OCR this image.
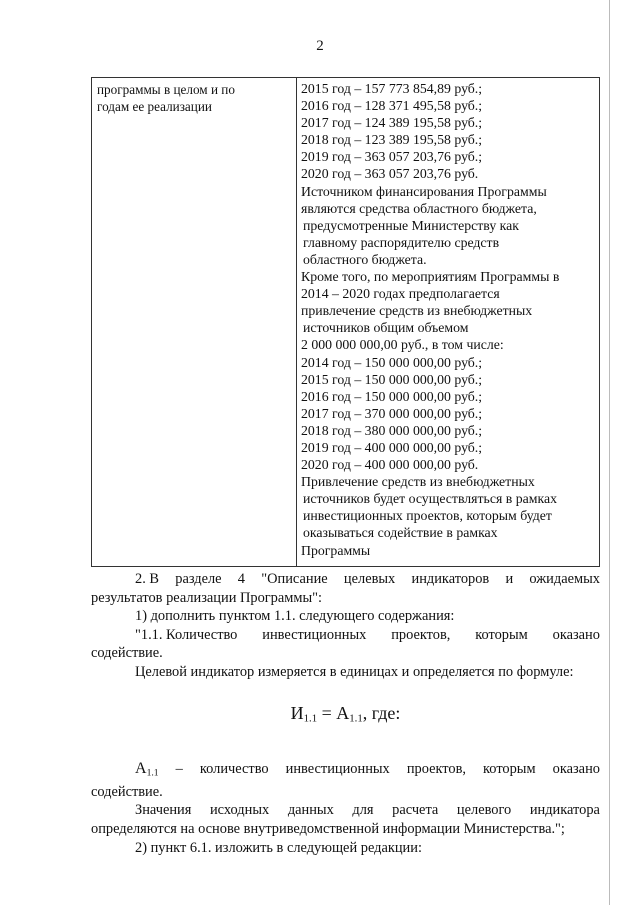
2
программы в целом и по
годам ее реализации
2015 год – 157 773 854,89 руб.;
2016 год – 128 371 495,58 руб.;
2017 год – 124 389 195,58 руб.;
2018 год – 123 389 195,58 руб.;
2019 год – 363 057 203,76 руб.;
2020 год – 363 057 203,76 руб.
Источником финансирования Программы
являются средства областного бюджета,
предусмотренные Министерству как
главному распорядителю средств
областного бюджета.
Кроме того, по мероприятиям Программы в
2014 – 2020 годах предполагается
привлечение средств из внебюджетных
источников общим объемом
2 000 000 000,00 руб., в том числе:
2014 год – 150 000 000,00 руб.;
2015 год – 150 000 000,00 руб.;
2016 год – 150 000 000,00 руб.;
2017 год – 370 000 000,00 руб.;
2018 год – 380 000 000,00 руб.;
2019 год – 400 000 000,00 руб.;
2020 год – 400 000 000,00 руб.
Привлечение средств из внебюджетных
источников будет осуществляться в рамках
инвестиционных проектов, которым будет
оказываться содействие в рамках
Программы
2. В разделе 4 "Описание целевых индикаторов и ожидаемых
результатов реализации Программы":

1) дополнить пунктом 1.1. следующего содержания:

"1.1. Количество инвестиционных проектов, которым оказано
содействие.

Целевой индикатор измеряется в единицах и определяется по формуле:

$И_{1.1} = А_{1.1}$, где:
$А_{1.1}$ – количество инвестиционных проектов, которым оказано
содействие.
Значения исходных данных для расчета целевого индикатора
определяются на основе внутриведомственной информации Министерства.";

2) пункт 6.1. изложить в следующей редакции:
